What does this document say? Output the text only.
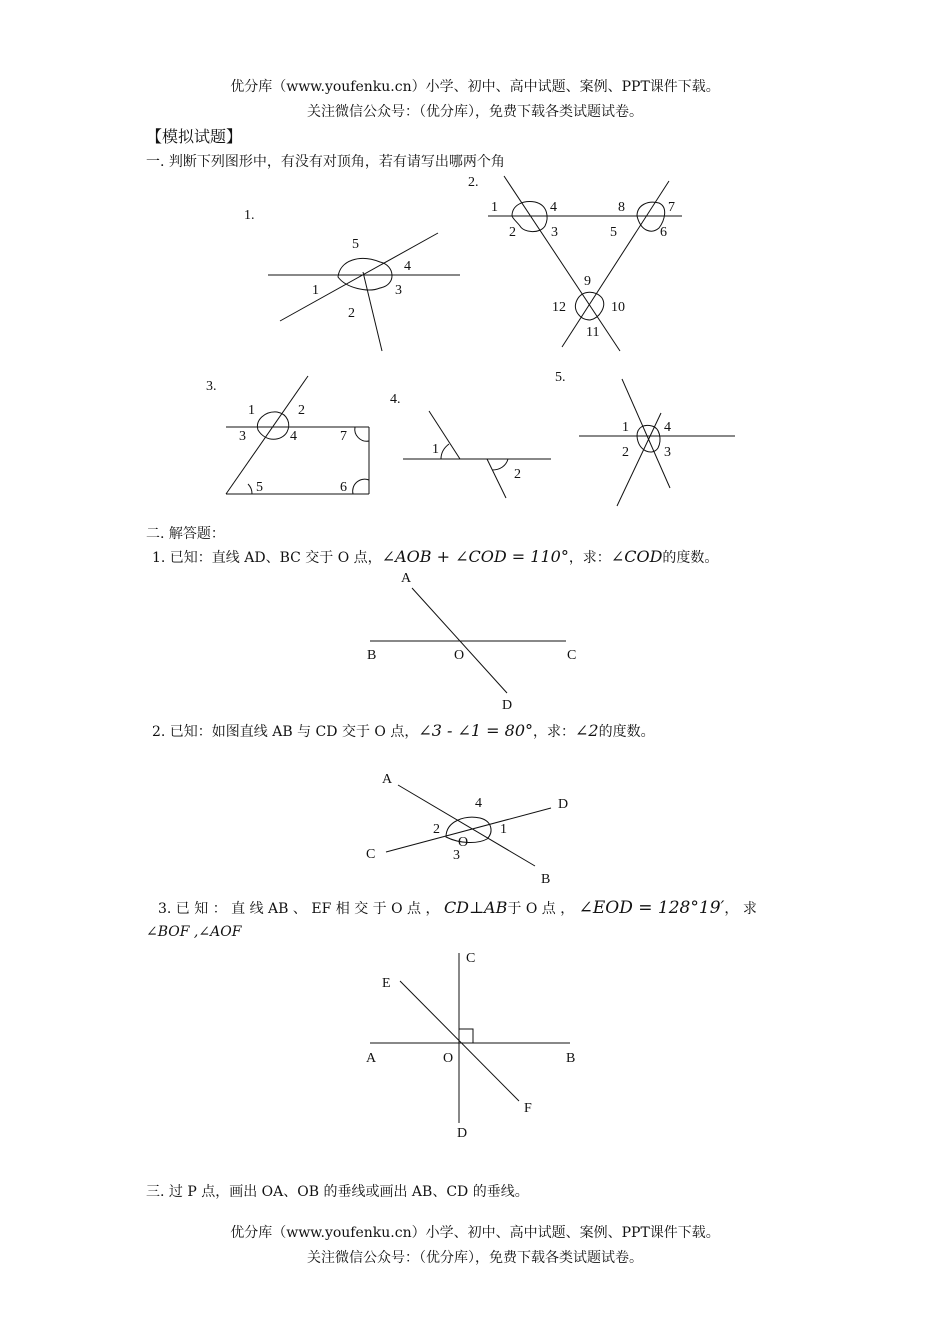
优分库（www.youfenku.cn）小学、初中、高中试题、案例、PPT课件下载。
关注微信公众号：（优分库），免费下载各类试题试卷。
【模拟试题】
一. 判断下列图形中，有没有对顶角，若有请写出哪两个角
1.
5
4
1	3
2
2.
1	4
2	3
8	7
5	6
9
12	10
11
3.
1	2
3	4	7
5	6
4.
1
2
5.
1	4
2	3
二. 解答题：
1. 已知：直线 AD、BC 交于 O 点，∠AOB + ∠COD = 110°，求：∠COD的度数。
A
B	O	C
D
2. 已知：如图直线 AB 与 CD 交于 O 点，∠3 - ∠1 = 80°，求：∠2的度数。
A
D
4
2	1
O
C	3
B
3. 已 知 ： 直 线 AB 、 EF 相 交 于 O 点 ， CD⊥AB于 O 点 ， ∠EOD = 128°19′， 求
∠BOF ,∠AOF
C
E
A	O	B
F
D
三. 过 P 点，画出 OA、OB 的垂线或画出 AB、CD 的垂线。
优分库（www.youfenku.cn）小学、初中、高中试题、案例、PPT课件下载。
关注微信公众号：（优分库），免费下载各类试题试卷。
